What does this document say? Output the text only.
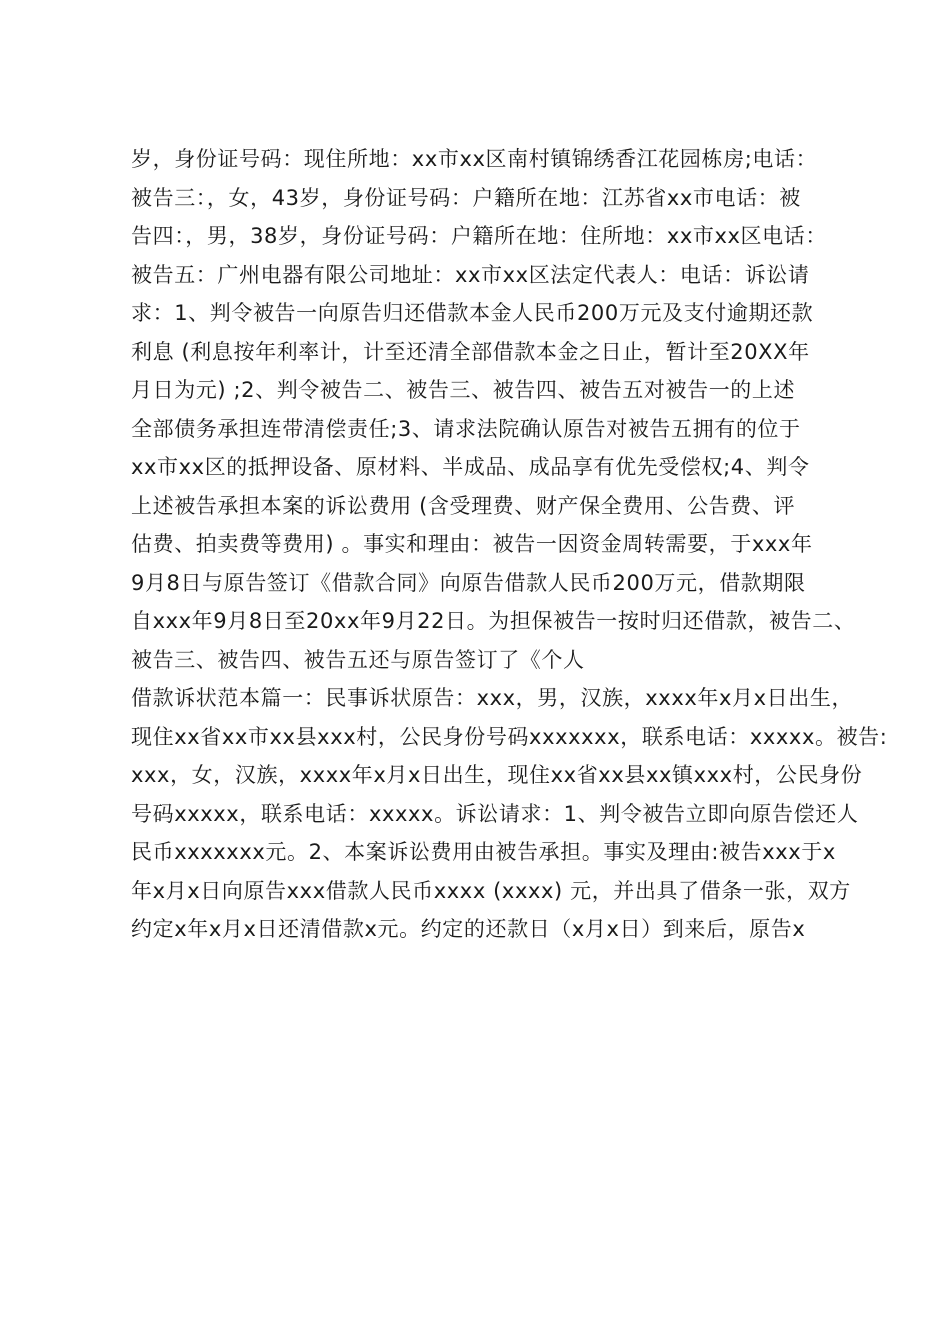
岁，身份证号码：现住所地：xx市xx区南村镇锦绣香江花园栋房;电话：
被告三：，女，43岁，身份证号码：户籍所在地：江苏省xx市电话：被
告四：，男，38岁，身份证号码：户籍所在地：住所地：xx市xx区电话：
被告五：广州电器有限公司地址：xx市xx区法定代表人：电话：诉讼请
求：1、判令被告一向原告归还借款本金人民币200万元及支付逾期还款
利息 (利息按年利率计，计至还清全部借款本金之日止，暂计至20XX年
月日为元) ;2、判令被告二、被告三、被告四、被告五对被告一的上述
全部债务承担连带清偿责任;3、请求法院确认原告对被告五拥有的位于
xx市xx区的抵押设备、原材料、半成品、成品享有优先受偿权;4、判令
上述被告承担本案的诉讼费用 (含受理费、财产保全费用、公告费、评
估费、拍卖费等费用) 。事实和理由：被告一因资金周转需要，于xxx年
9月8日与原告签订《借款合同》向原告借款人民币200万元，借款期限
自xxx年9月8日至20xx年9月22日。为担保被告一按时归还借款，被告二、
被告三、被告四、被告五还与原告签订了《个人
借款诉状范本篇一：民事诉状原告：xxx，男，汉族，xxxx年x月x日出生，
现住xx省xx市xx县xxx村，公民身份号码xxxxxxx，联系电话：xxxxx。被告:
xxx，女，汉族，xxxx年x月x日出生，现住xx省xx县xx镇xxx村，公民身份
号码xxxxx，联系电话：xxxxx。诉讼请求：1、判令被告立即向原告偿还人
民币xxxxxxx元。2、本案诉讼费用由被告承担。事实及理由:被告xxx于x
年x月x日向原告xxx借款人民币xxxx (xxxx) 元，并出具了借条一张，双方
约定x年x月x日还清借款x元。约定的还款日（x月x日）到来后，原告x
